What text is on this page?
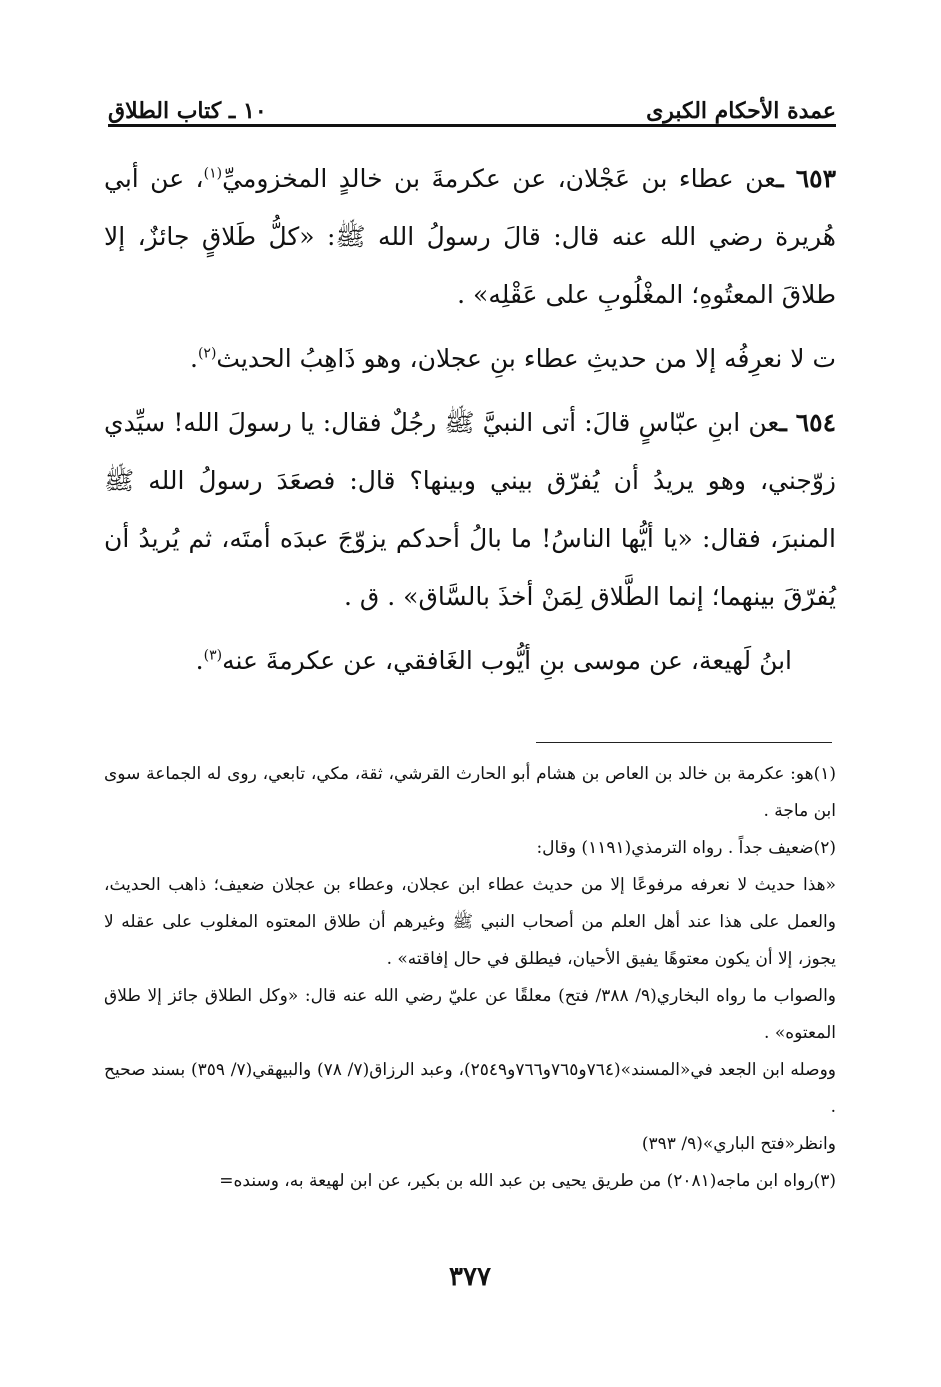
عمدة الأحكام الكبرى
١٠ ـ كتاب الطلاق

٦٥٣ ـعن عطاء بن عَجْلان، عن عكرمةَ بن خالدٍ المخزوميِّ$^{(١)}$، عن أبي هُريرة رضي الله عنه قال: قالَ رسولُ الله ﷺ: «كلُّ طَلاقٍ جائزٌ، إلا طلاقَ المعتُوهِ؛ المغْلُوبِ على عَقْلِه» .

ت لا نعرِفُه إلا من حديثِ عطاء بنِ عجلان، وهو ذَاهِبُ الحديث$^{(٢)}$.

٦٥٤ ـعن ابنِ عبّاسٍ قالَ: أتى النبيَّ ﷺ رجُلٌ فقال: يا رسولَ الله! سيِّدي زوّجني، وهو يريدُ أن يُفرّق بيني وبينها؟ قال: فصعَدَ رسولُ الله ﷺ المنبرَ، فقال: «يا أيُّها الناسُ! ما بالُ أحدكم يزوّجَ عبدَه أمتَه، ثم يُريدُ أن يُفرّقَ بينهما؛ إنما الطَّلاق لِمَنْ أخذَ بالسَّاق» . ق .

ابنُ لَهيعة، عن موسى بنِ أيُّوب الغَافقي، عن عكرمةَ عنه$^{(٣)}$.

(١)هو: عكرمة بن خالد بن العاص بن هشام أبو الحارث القرشي، ثقة، مكي، تابعي، روى له الجماعة سوى ابن ماجة .

(٢)ضعيف جداً . رواه الترمذي(١١٩١) وقال:

«هذا حديث لا نعرفه مرفوعًا إلا من حديث عطاء ابن عجلان، وعطاء بن عجلان ضعيف؛ ذاهب الحديث، والعمل على هذا عند أهل العلم من أصحاب النبي ﷺ وغيرهم أن طلاق المعتوه المغلوب على عقله لا يجوز، إلا أن يكون معتوهًا يفيق الأحيان، فيطلق في حال إفاقته» .

والصواب ما رواه البخاري(٩/ ٣٨٨/ فتح) معلقًا عن عليّ رضي الله عنه قال: «وكل الطلاق جائز إلا طلاق المعتوه» .

ووصله ابن الجعد في«المسند»(٧٦٤و٧٦٥و٧٦٦و٢٥٤٩)، وعبد الرزاق(٧/ ٧٨) والبيهقي(٧/ ٣٥٩) بسند صحيح .

وانظر«فتح الباري»(٩/ ٣٩٣)

(٣)رواه ابن ماجه(٢٠٨١) من طريق يحيى بن عبد الله بن بكير، عن ابن لهيعة به، وسنده=

٣٧٧
